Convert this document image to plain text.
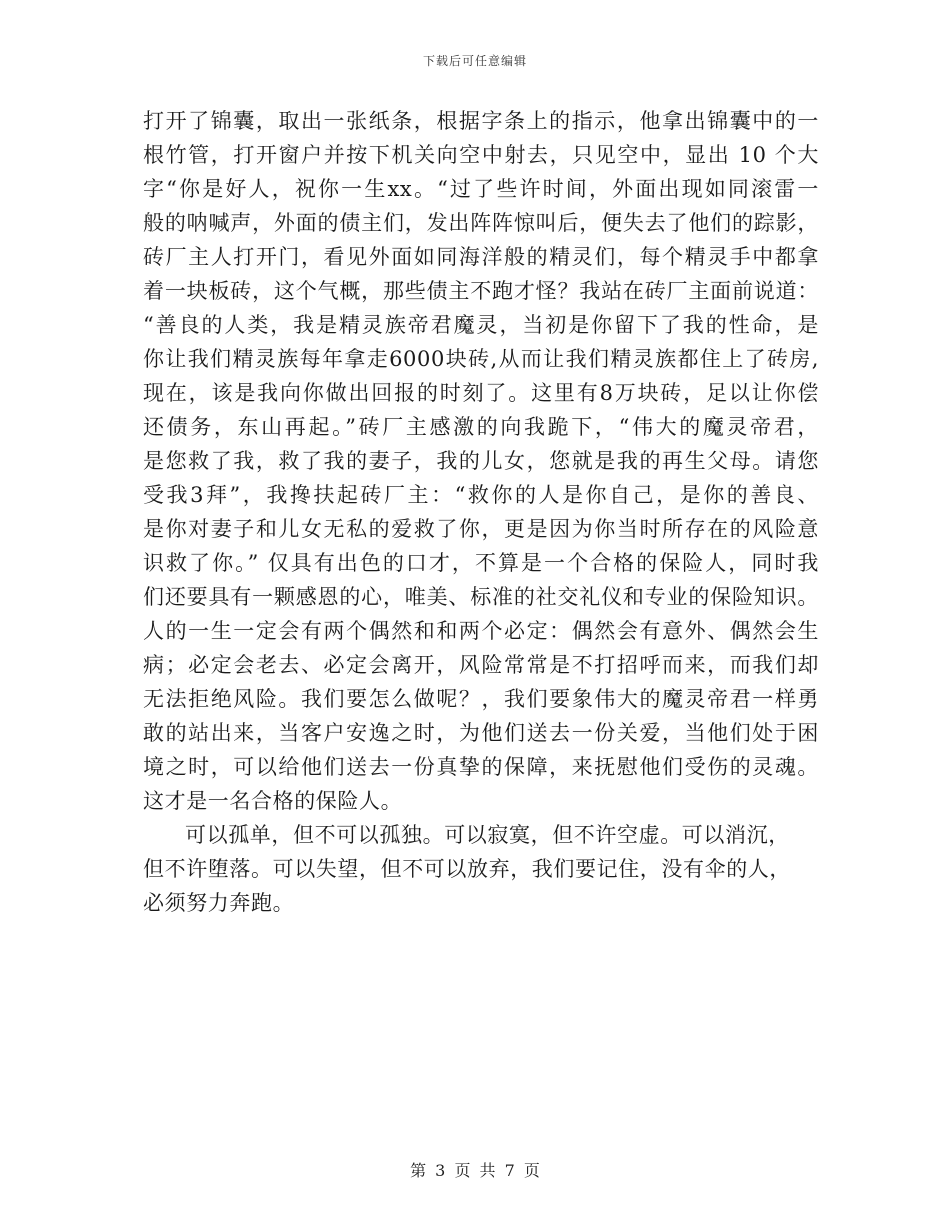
下载后可任意编辑
打开了锦囊，取出一张纸条，根据字条上的指示，他拿出锦囊中的一
根竹管，打开窗户并按下机关向空中射去，只见空中，显出 10 个大
字“你是好人，祝你一生xx。“过了些许时间，外面出现如同滚雷一
般的呐喊声，外面的债主们，发出阵阵惊叫后，便失去了他们的踪影，
砖厂主人打开门，看见外面如同海洋般的精灵们，每个精灵手中都拿
着一块板砖，这个气概，那些债主不跑才怪？我站在砖厂主面前说道：
“善良的人类，我是精灵族帝君魔灵，当初是你留下了我的性命，是
你让我们精灵族每年拿走6000块砖,从而让我们精灵族都住上了砖房,
现在，该是我向你做出回报的时刻了。这里有8万块砖，足以让你偿
还债务，东山再起。”砖厂主感激的向我跪下，“伟大的魔灵帝君，
是您救了我，救了我的妻子，我的儿女，您就是我的再生父母。请您
受我3拜”，我搀扶起砖厂主：“救你的人是你自己，是你的善良、
是你对妻子和儿女无私的爱救了你，更是因为你当时所存在的风险意
识救了你。” 仅具有出色的口才，不算是一个合格的保险人，同时我
们还要具有一颗感恩的心，唯美、标准的社交礼仪和专业的保险知识。
人的一生一定会有两个偶然和和两个必定：偶然会有意外、偶然会生
病；必定会老去、必定会离开，风险常常是不打招呼而来，而我们却
无法拒绝风险。我们要怎么做呢？，我们要象伟大的魔灵帝君一样勇
敢的站出来，当客户安逸之时，为他们送去一份关爱，当他们处于困
境之时，可以给他们送去一份真挚的保障，来抚慰他们受伤的灵魂。
这才是一名合格的保险人。
可以孤单，但不可以孤独。可以寂寞，但不许空虚。可以消沉，
但不许堕落。可以失望，但不可以放弃，我们要记住，没有伞的人，
必须努力奔跑。
第 3 页 共 7 页
